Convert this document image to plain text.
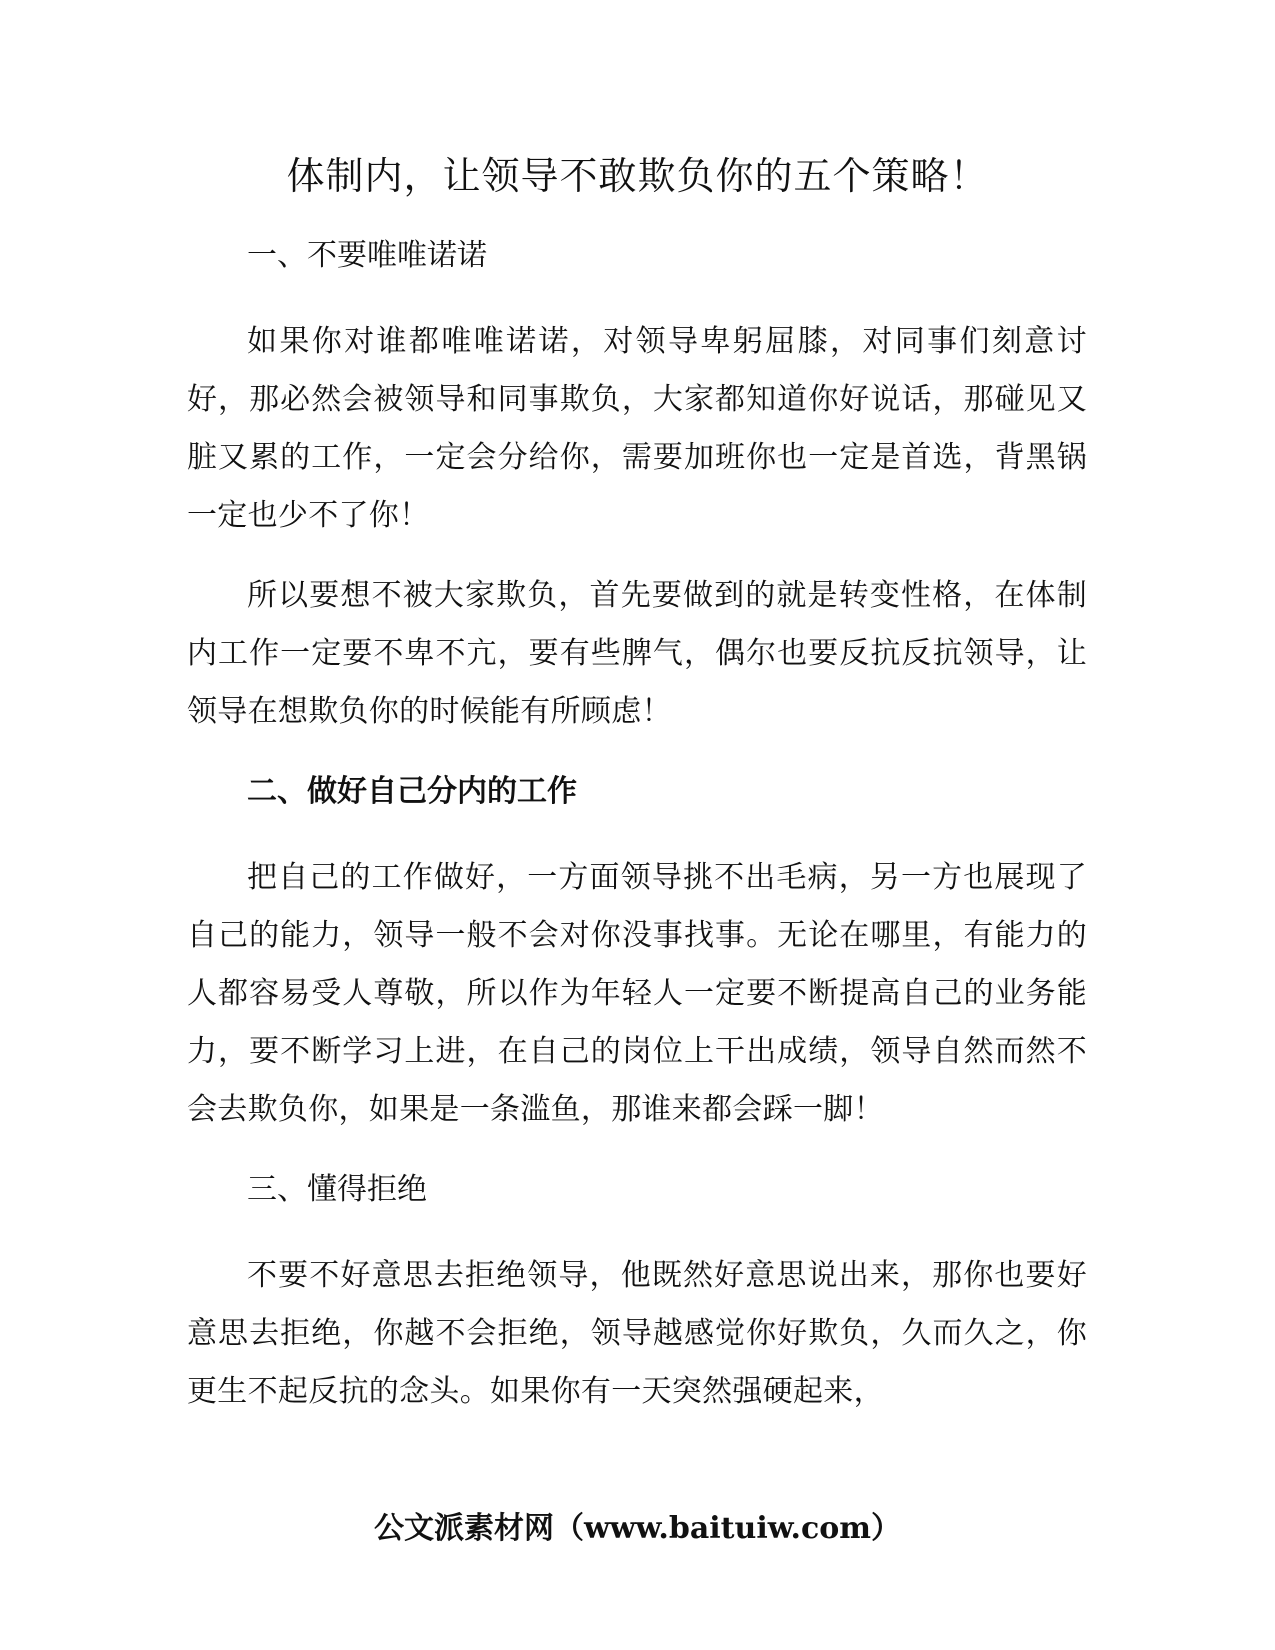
体制内，让领导不敢欺负你的五个策略！

一、不要唯唯诺诺

如果你对谁都唯唯诺诺，对领导卑躬屈膝，对同事们刻意讨好，那必然会被领导和同事欺负，大家都知道你好说话，那碰见又脏又累的工作，一定会分给你，需要加班你也一定是首选，背黑锅一定也少不了你！

所以要想不被大家欺负，首先要做到的就是转变性格，在体制内工作一定要不卑不亢，要有些脾气，偶尔也要反抗反抗领导，让领导在想欺负你的时候能有所顾虑！

二、做好自己分内的工作

把自己的工作做好，一方面领导挑不出毛病，另一方也展现了自己的能力，领导一般不会对你没事找事。无论在哪里，有能力的人都容易受人尊敬，所以作为年轻人一定要不断提高自己的业务能力，要不断学习上进，在自己的岗位上干出成绩，领导自然而然不会去欺负你，如果是一条滥鱼，那谁来都会踩一脚！

三、懂得拒绝

不要不好意思去拒绝领导，他既然好意思说出来，那你也要好意思去拒绝，你越不会拒绝，领导越感觉你好欺负，久而久之，你更生不起反抗的念头。如果你有一天突然强硬起来，

公文派素材网（www.baituiw.com）
